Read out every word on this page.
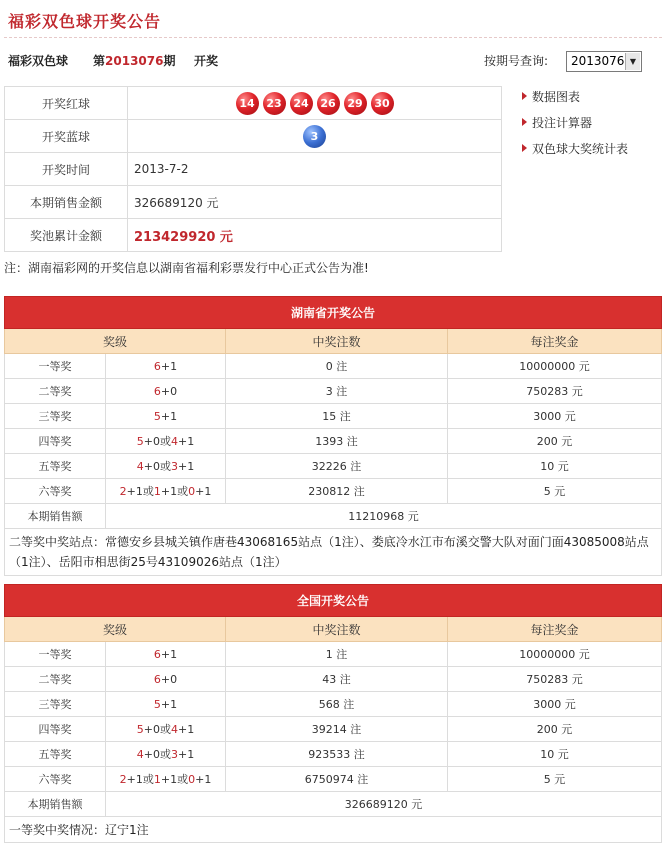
福彩双色球开奖公告
福彩双色球 第2013076期 开奖	按期号查询: 2013076 ▼
开奖红球	14 23 24 26 29 30
开奖蓝球	3
开奖时间	2013-7-2
本期销售金额	326689120 元
奖池累计金额	213429920 元
数据图表
投注计算器
双色球大奖统计表
注：湖南福彩网的开奖信息以湖南省福利彩票发行中心正式公告为准!
湖南省开奖公告			
奖级		中奖注数	每注奖金
一等奖	6+1	0 注	10000000 元
二等奖	6+0	3 注	750283 元
三等奖	5+1	15 注	3000 元
四等奖	5+0或4+1	1393 注	200 元
五等奖	4+0或3+1	32226 注	10 元
六等奖	2+1或1+1或0+1	230812 注	5 元
本期销售额	11210968 元		
二等奖中奖站点：常德安乡县城关镇作唐巷43068165站点（1注）、娄底冷水江市布溪交警大队对面门面43085008站点（1注）、岳阳市相思街25号43109026站点（1注）			
全国开奖公告			
奖级		中奖注数	每注奖金
一等奖	6+1	1 注	10000000 元
二等奖	6+0	43 注	750283 元
三等奖	5+1	568 注	3000 元
四等奖	5+0或4+1	39214 注	200 元
五等奖	4+0或3+1	923533 注	10 元
六等奖	2+1或1+1或0+1	6750974 注	5 元
本期销售额	326689120 元		
一等奖中奖情况：辽宁1注			
